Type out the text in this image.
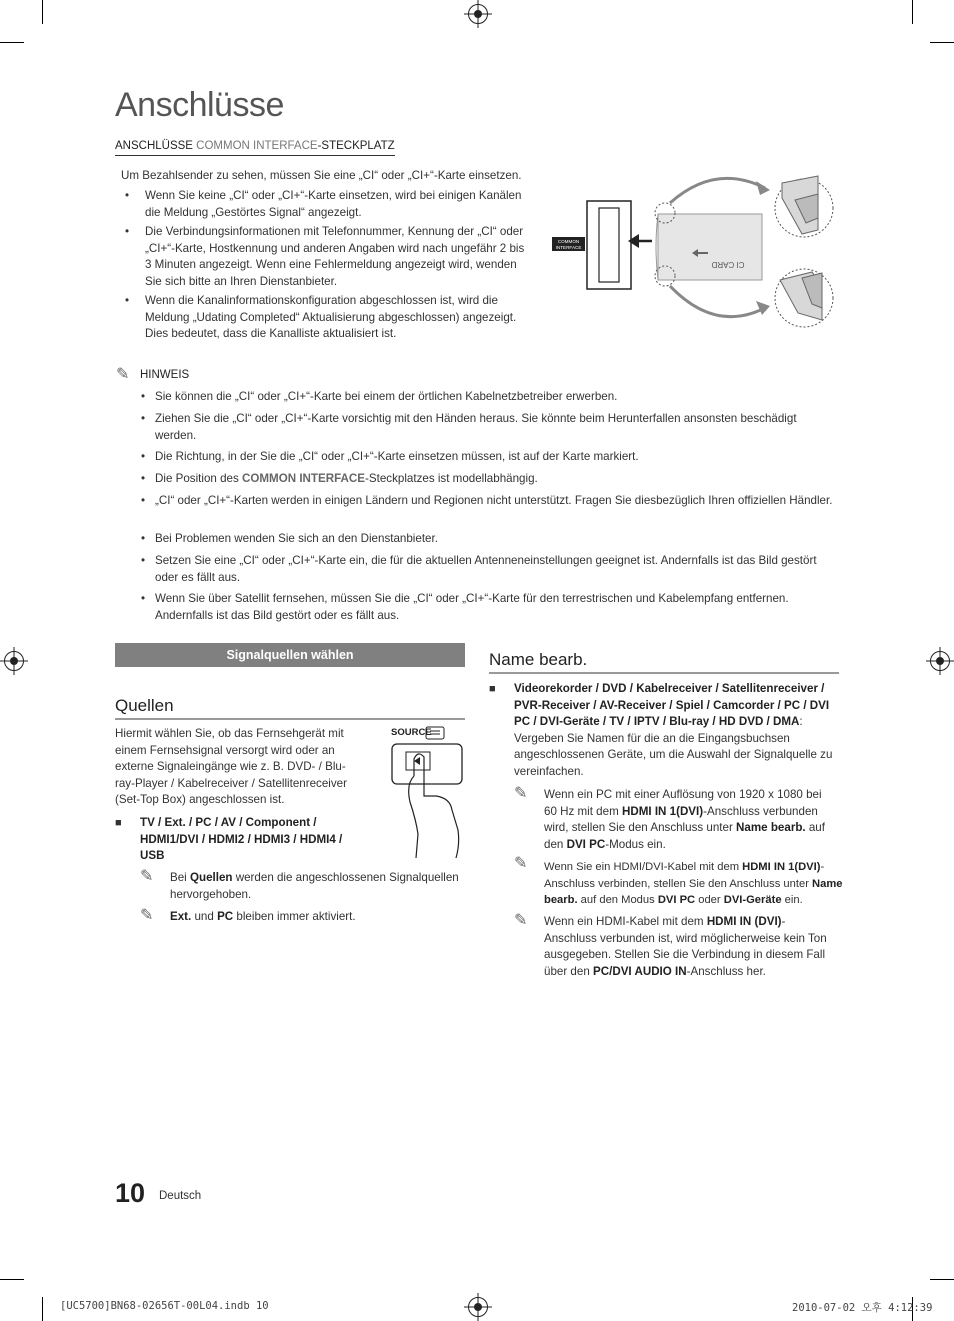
Anschlüsse
ANSCHLÜSSE COMMON INTERFACE-STECKPLATZ
Um Bezahlsender zu sehen, müssen Sie eine „CI“ oder „CI+“-Karte einsetzen.
• Wenn Sie keine „CI“ oder „CI+“-Karte einsetzen, wird bei einigen Kanälen die Meldung „Gestörtes Signal“ angezeigt.
• Die Verbindungsinformationen mit Telefonnummer, Kennung der „CI“ oder „CI+“-Karte, Hostkennung und anderen Angaben wird nach ungefähr 2 bis 3 Minuten angezeigt. Wenn eine Fehlermeldung angezeigt wird, wenden Sie sich bitte an Ihren Dienstanbieter.
• Wenn die Kanalinformationskonfiguration abgeschlossen ist, wird die Meldung „Udating Completed“ Aktualisierung abgeschlossen) angezeigt. Dies bedeutet, dass die Kanalliste aktualisiert ist.
COMMON
INTERFACE
CI CARD
✎ HINWEIS
• Sie können die „CI“ oder „CI+“-Karte bei einem der örtlichen Kabelnetzbetreiber erwerben.
• Ziehen Sie die „CI“ oder „CI+“-Karte vorsichtig mit den Händen heraus. Sie könnte beim Herunterfallen ansonsten beschädigt werden.
• Die Richtung, in der Sie die „CI“ oder „CI+“-Karte einsetzen müssen, ist auf der Karte markiert.
• Die Position des COMMON INTERFACE-Steckplatzes ist modellabhängig.
• „CI“ oder „CI+“-Karten werden in einigen Ländern und Regionen nicht unterstützt. Fragen Sie diesbezüglich Ihren offiziellen Händler.
• Bei Problemen wenden Sie sich an den Dienstanbieter.
• Setzen Sie eine „CI“ oder „CI+“-Karte ein, die für die aktuellen Antenneneinstellungen geeignet ist. Andernfalls ist das Bild gestört oder es fällt aus.
• Wenn Sie über Satellit fernsehen, müssen Sie die „CI“ oder „CI+“-Karte für den terrestrischen und Kabelempfang entfernen. Andernfalls ist das Bild gestört oder es fällt aus.
Signalquellen wählen
Quellen
Hiermit wählen Sie, ob das Fernsehgerät mit einem Fernsehsignal versorgt wird oder an externe Signaleingänge wie z. B. DVD- / Blu-ray-Player / Kabelreceiver / Satellitenreceiver (Set-Top Box) angeschlossen ist.
SOURCE
■ TV / Ext. / PC / AV / Component / HDMI1/DVI / HDMI2 / HDMI3 / HDMI4 / USB
✎ Bei Quellen werden die angeschlossenen Signalquellen hervorgehoben.
✎ Ext. und PC bleiben immer aktiviert.
Name bearb.
■ Videorekorder / DVD / Kabelreceiver / Satellitenreceiver / PVR-Receiver / AV-Receiver / Spiel / Camcorder / PC / DVI PC / DVI-Geräte / TV / IPTV / Blu-ray / HD DVD / DMA: Vergeben Sie Namen für die an die Eingangsbuchsen angeschlossenen Geräte, um die Auswahl der Signalquelle zu vereinfachen.
✎ Wenn ein PC mit einer Auflösung von 1920 x 1080 bei 60 Hz mit dem HDMI IN 1(DVI)-Anschluss verbunden wird, stellen Sie den Anschluss unter Name bearb. auf den DVI PC-Modus ein.
✎ Wenn Sie ein HDMI/DVI-Kabel mit dem HDMI IN 1(DVI)-Anschluss verbinden, stellen Sie den Anschluss unter Name bearb. auf den Modus DVI PC oder DVI-Geräte ein.
✎ Wenn ein HDMI-Kabel mit dem HDMI IN (DVI)-Anschluss verbunden ist, wird möglicherweise kein Ton ausgegeben. Stellen Sie die Verbindung in diesem Fall über den PC/DVI AUDIO IN-Anschluss her.
10 Deutsch
[UC5700]BN68-02656T-00L04.indb 10	2010-07-02 오후 4:12:39
